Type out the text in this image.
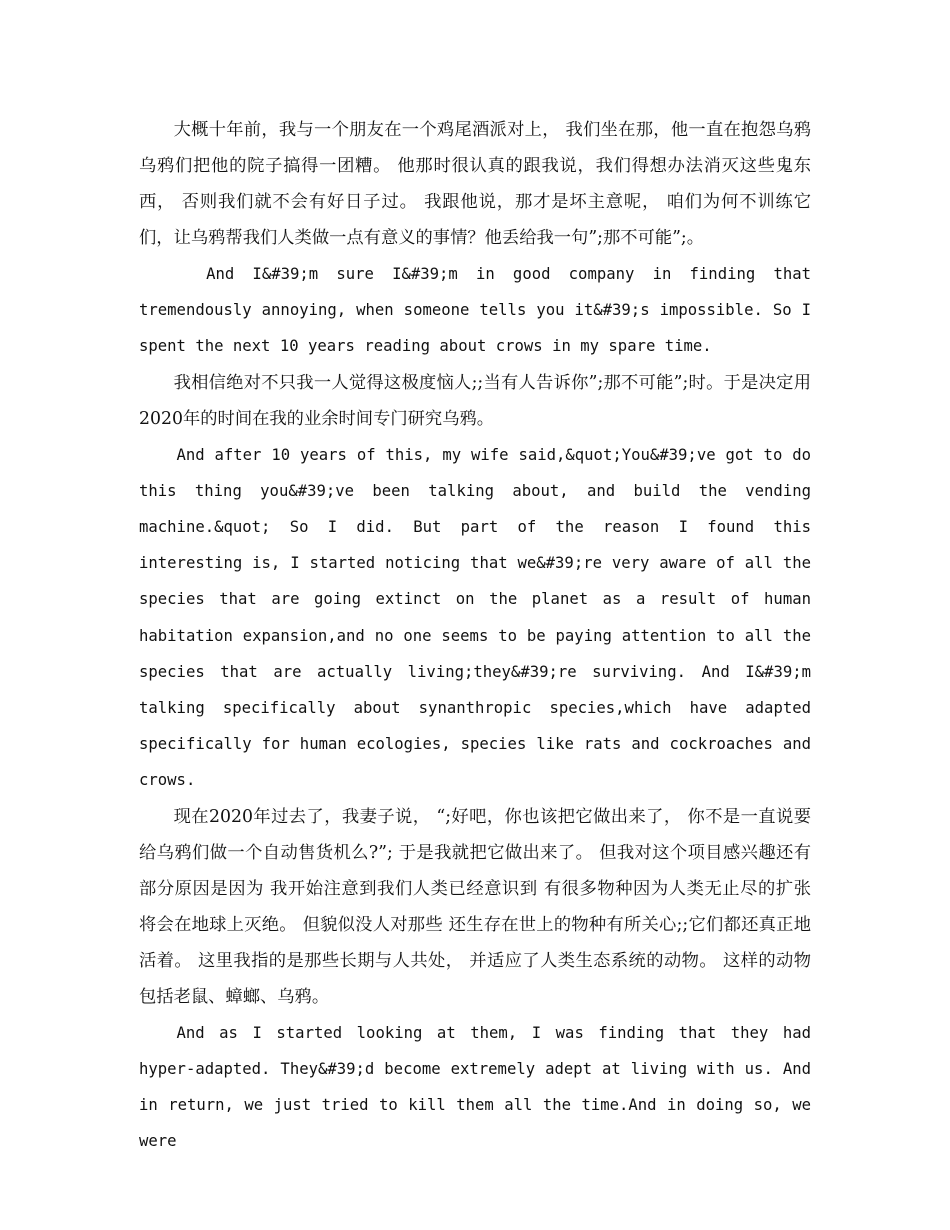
大概十年前，我与一个朋友在一个鸡尾酒派对上， 我们坐在那，他一直在抱怨乌鸦 乌鸦们把他的院子搞得一团糟。 他那时很认真的跟我说，我们得想办法消灭这些鬼东西， 否则我们就不会有好日子过。 我跟他说，那才是坏主意呢， 咱们为何不训练它们，让乌鸦帮我们人类做一点有意义的事情？他丢给我一句”;那不可能”;。

And I&#39;m sure I&#39;m in good company in finding that tremendously annoying, when someone tells you it&#39;s impossible. So I spent the next 10 years reading about crows in my spare time.

我相信绝对不只我一人觉得这极度恼人;;当有人告诉你”;那不可能”;时。于是决定用2020年的时间在我的业余时间专门研究乌鸦。

And after 10 years of this, my wife said,&quot;You&#39;ve got to do this thing you&#39;ve been talking about, and build the vending machine.&quot; So I did. But part of the reason I found this interesting is, I started noticing that we&#39;re very aware of all the species that are going extinct on the planet as a result of human habitation expansion,and no one seems to be paying attention to all the species that are actually living;they&#39;re surviving. And I&#39;m talking specifically about synanthropic species,which have adapted specifically for human ecologies, species like rats and cockroaches and crows.

现在2020年过去了，我妻子说， “;好吧，你也该把它做出来了， 你不是一直说要给乌鸦们做一个自动售货机么?”; 于是我就把它做出来了。 但我对这个项目感兴趣还有部分原因是因为 我开始注意到我们人类已经意识到 有很多物种因为人类无止尽的扩张 将会在地球上灭绝。 但貌似没人对那些 还生存在世上的物种有所关心;;它们都还真正地活着。 这里我指的是那些长期与人共处， 并适应了人类生态系统的动物。 这样的动物包括老鼠、蟑螂、乌鸦。

And as I started looking at them, I was finding that they had hyper-adapted. They&#39;d become extremely adept at living with us. And in return, we just tried to kill them all the time.And in doing so, we were
